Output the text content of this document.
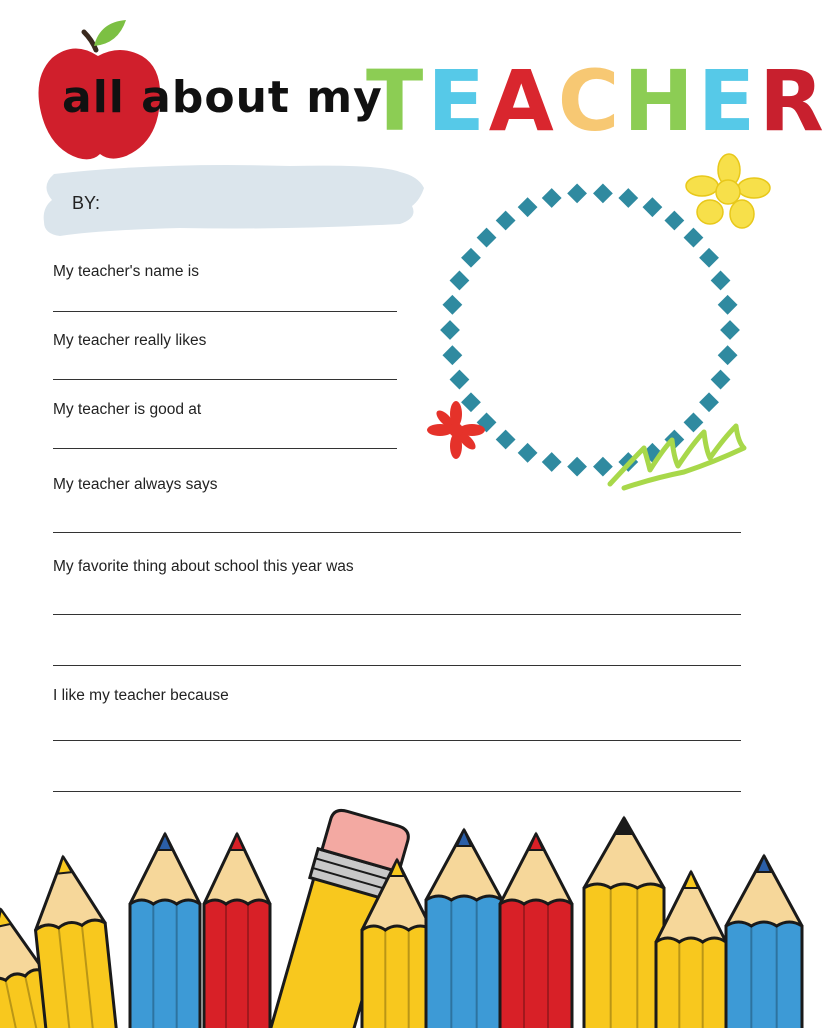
all about my
TEACHER
BY:
My teacher's name is
My teacher really likes
My teacher is good at
My teacher always says
My favorite thing about school this year was
I like my teacher because
